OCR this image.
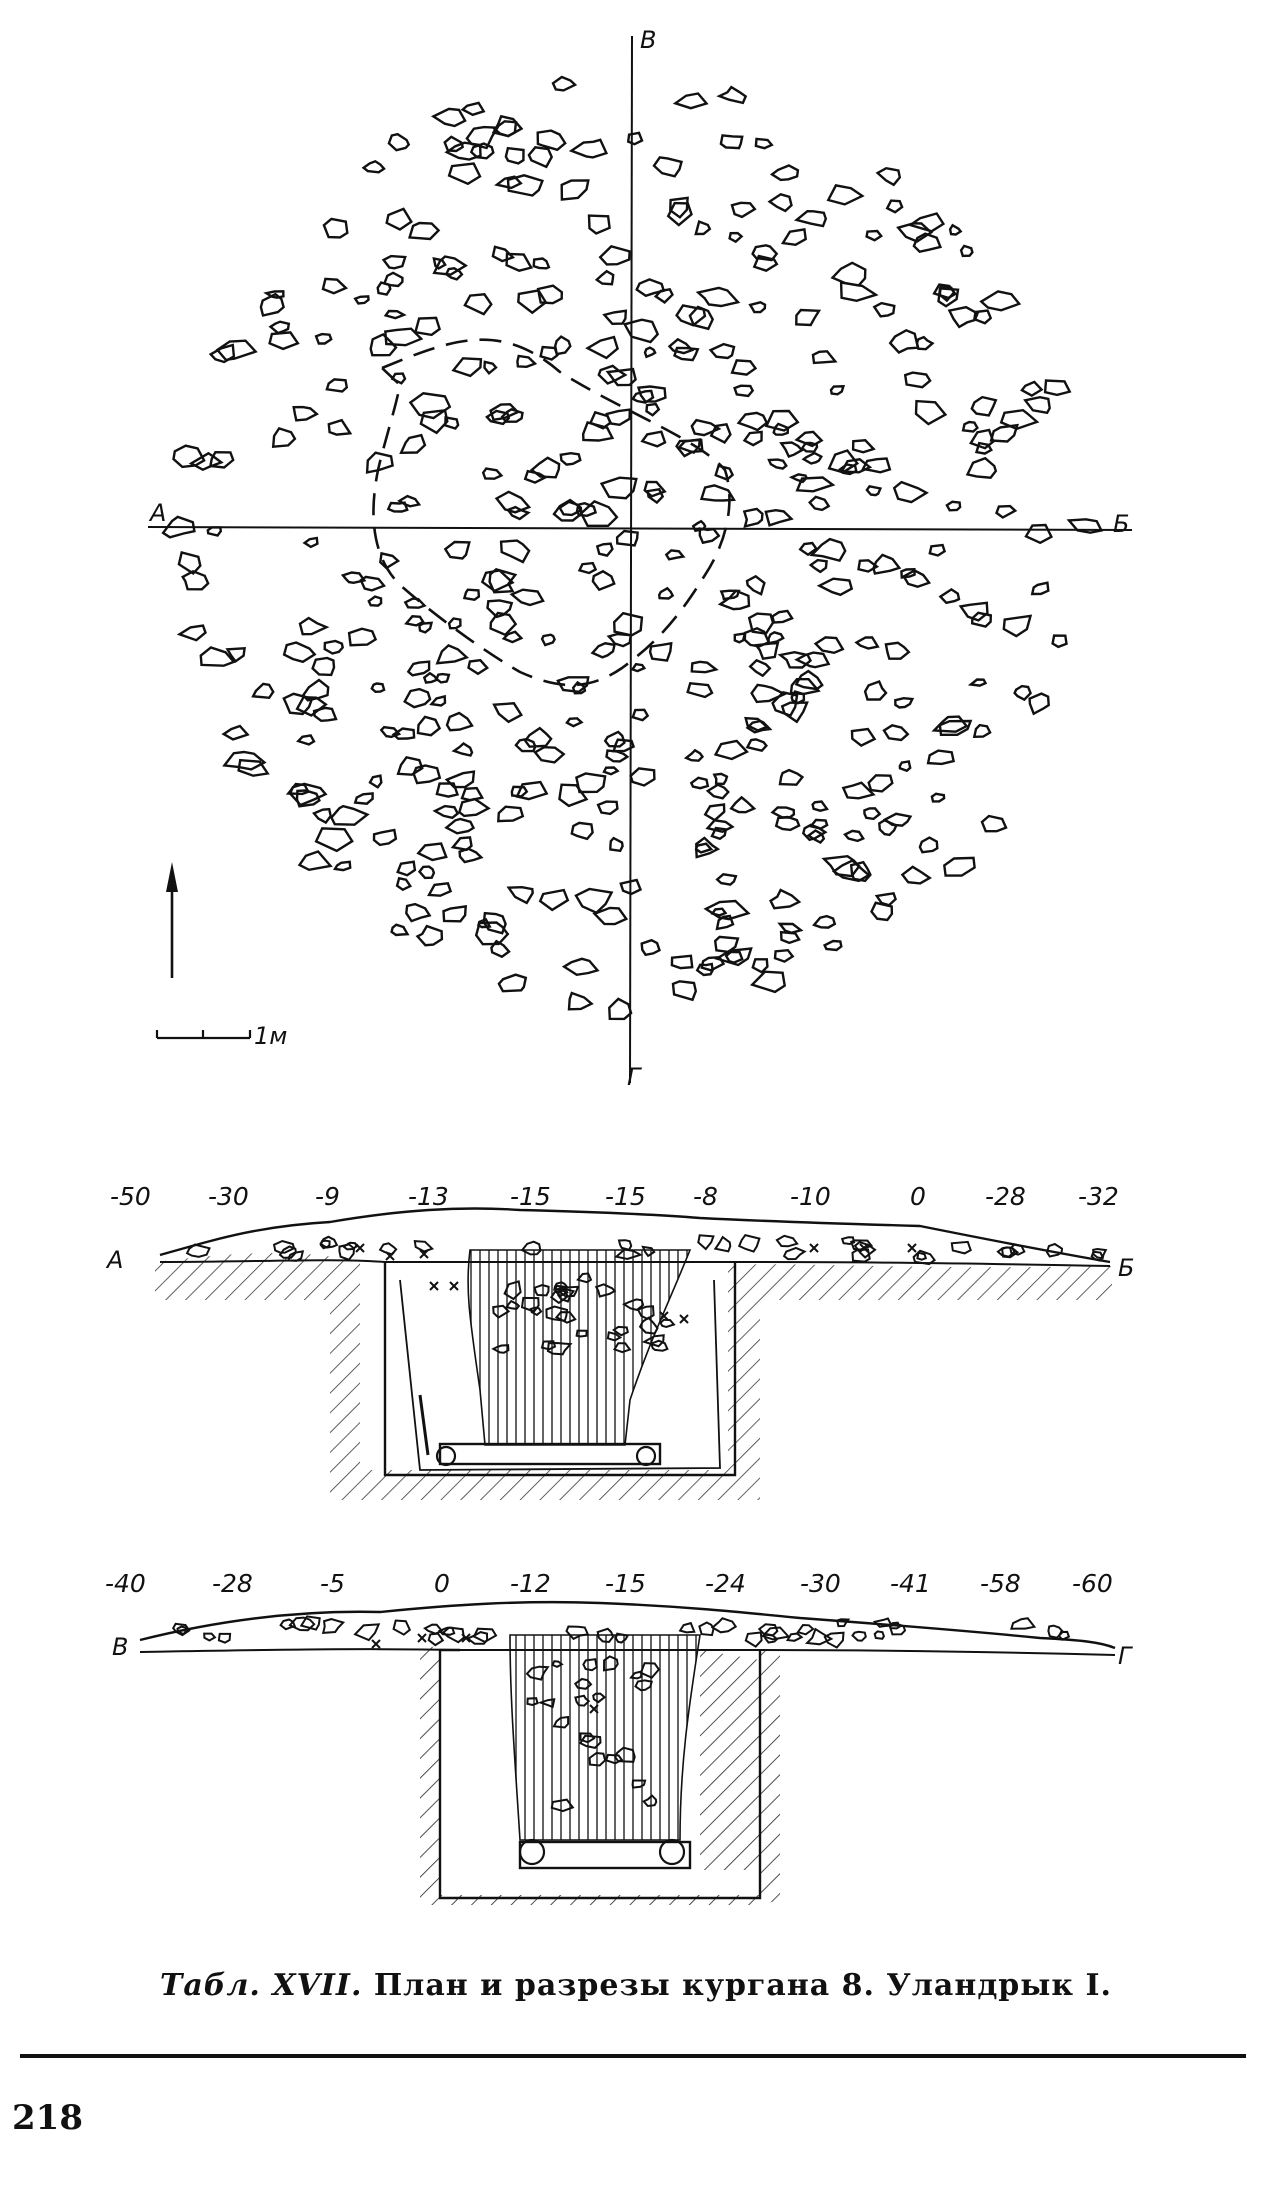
А	Б
В
Г
1м
А	Б
-50 -30	-9	-13 -15 -15 -8	-10	0 -28 -32
В	Г
-40	-28	-5	0 -12 -15 -24 -30 -41 -58 -60
Табл. XVII. План и разрезы кургана 8. Уландрык I.
218
